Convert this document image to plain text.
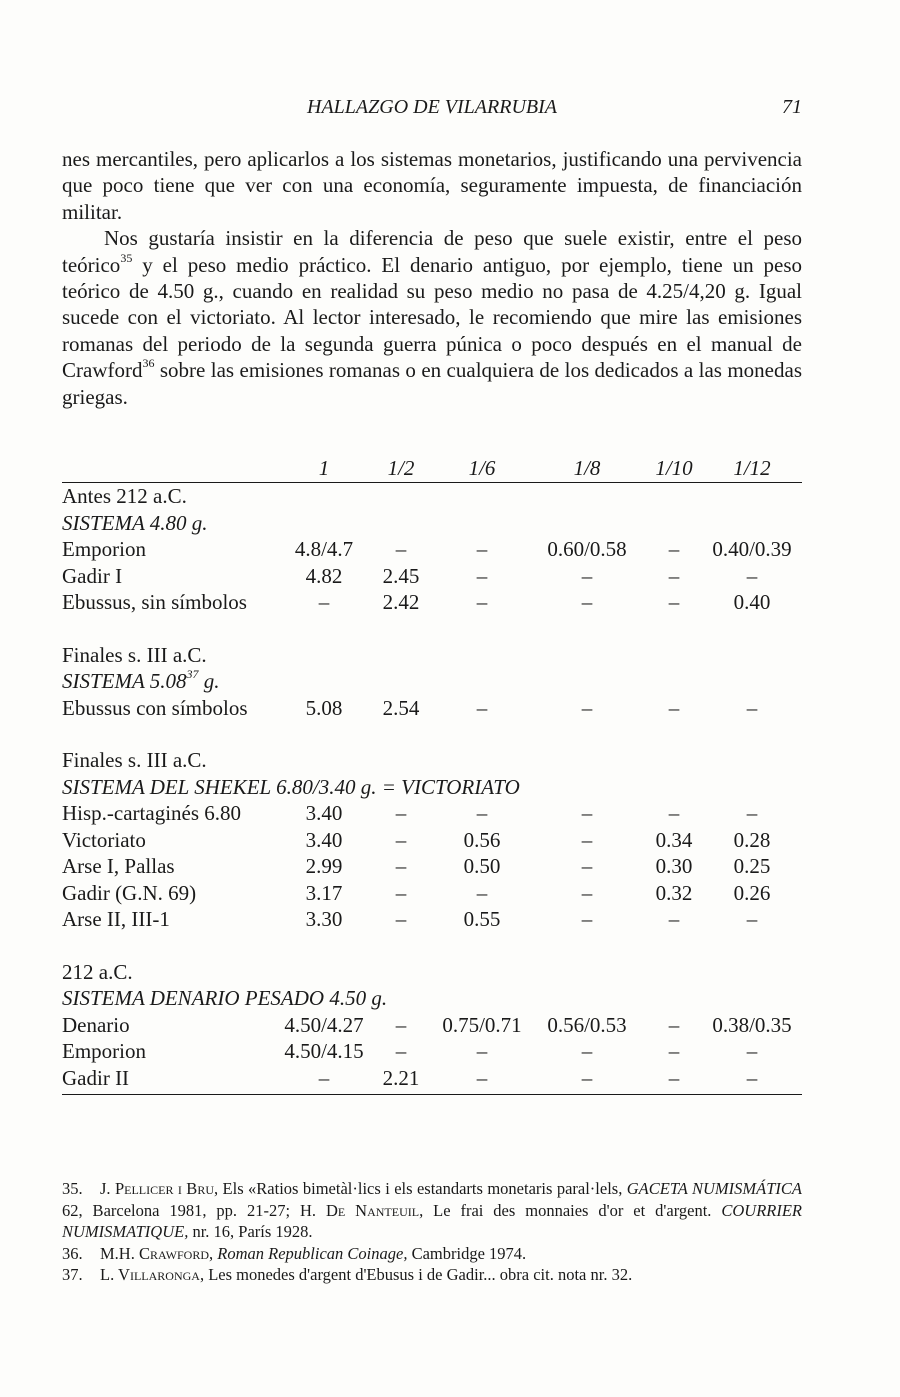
HALLAZGO DE VILARRUBIA	71

nes mercantiles, pero aplicarlos a los sistemas monetarios, justificando una pervivencia que poco tiene que ver con una economía, seguramente impuesta, de financiación militar.

Nos gustaría insistir en la diferencia de peso que suele existir, entre el peso teórico$^{35}$ y el peso medio práctico. El denario antiguo, por ejemplo, tiene un peso teórico de 4.50 g., cuando en realidad su peso medio no pasa de 4.25/4,20 g. Igual sucede con el victoriato. Al lector interesado, le recomiendo que mire las emisiones romanas del periodo de la segunda guerra púnica o poco después en el manual de Crawford$^{36}$ sobre las emisiones romanas o en cualquiera de los dedicados a las monedas griegas.

1	1/2	1/6	1/8	1/10 1/12
Antes 212 a.C.
SISTEMA 4.80 g.
Emporion	4.8/4.7 –	–	0.60/0.58 – 0.40/0.39
Gadir I	4.82 2.45	–	–	–	–
Ebussus, sin símbolos	–	2.42	–	–	–	0.40
Finales s. III a.C.
SISTEMA 5.08$^{37}$ g.
Ebussus con símbolos	5.08 2.54	–	–	–	–
Finales s. III a.C.
SISTEMA DEL SHEKEL 6.80/3.40 g. = VICTORIATO
Hisp.-cartaginés 6.80	3.40	–	–	–	–	–
Victoriato	3.40	–	0.56	–	0.34 0.28
Arse I, Pallas	2.99	–	0.50	–	0.30 0.25
Gadir (G.N. 69)	3.17	–	–	–	0.32 0.26
Arse II, III-1	3.30	–	0.55	–	–	–
212 a.C.
SISTEMA DENARIO PESADO 4.50 g.
Denario	4.50/4.27 – 0.75/0.71 0.56/0.53 – 0.38/0.35
Emporion	4.50/4.15 –	–	–	–	–
Gadir II	–	2.21	–	–	–	–

35. J. Pellicer i Bru, Els «Ratios bimetàl·lics i els estandarts monetaris paral·lels, GACETA NUMISMÁTICA 62, Barcelona 1981, pp. 21-27; H. De Nanteuil, Le frai des monnaies d'or et d'argent. COURRIER NUMISMATIQUE, nr. 16, París 1928.

36. M.H. Crawford, Roman Republican Coinage, Cambridge 1974.

37. L. Villaronga, Les monedes d'argent d'Ebusus i de Gadir... obra cit. nota nr. 32.
